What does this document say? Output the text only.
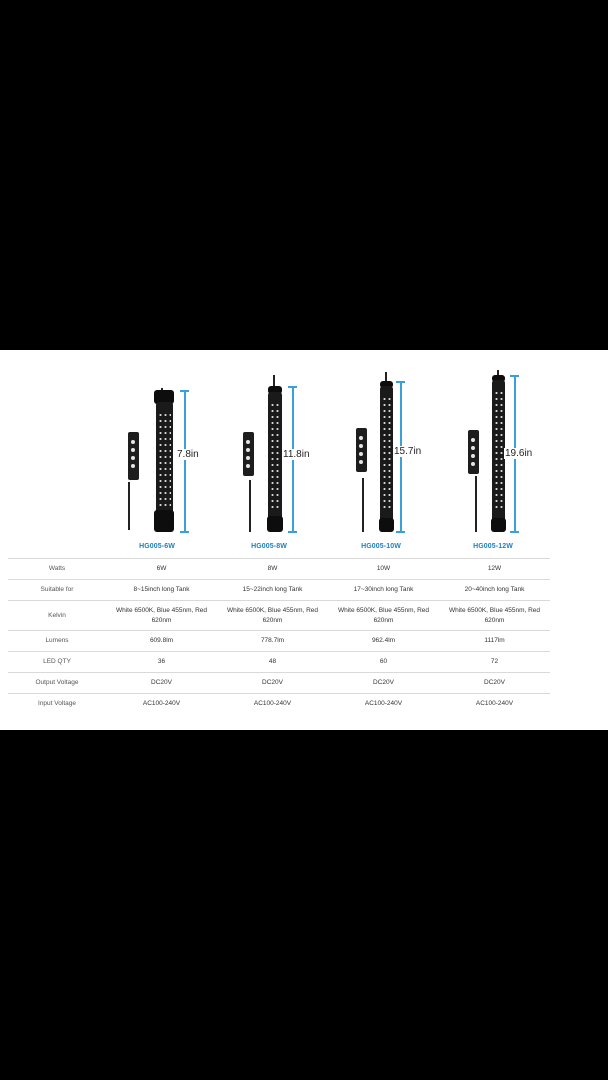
7.8in
HG005-6W
11.8in
HG005-8W
15.7in
HG005-10W
19.6in
HG005-12W
Watts	6W	8W	10W	12W
Suitable for	8~15inch long Tank	15~22inch long Tank	17~30inch long Tank	20~40inch long Tank
Kelvin	White 6500K, Blue 455nm, Red 620nm	White 6500K, Blue 455nm, Red 620nm	White 6500K, Blue 455nm, Red 620nm	White 6500K, Blue 455nm, Red 620nm
Lumens	609.8lm	778.7lm	962.4lm	1117lm
LED QTY	36	48	60	72
Output Voltage	DC20V	DC20V	DC20V	DC20V
Input Voltage	AC100-240V	AC100-240V	AC100-240V	AC100-240V
